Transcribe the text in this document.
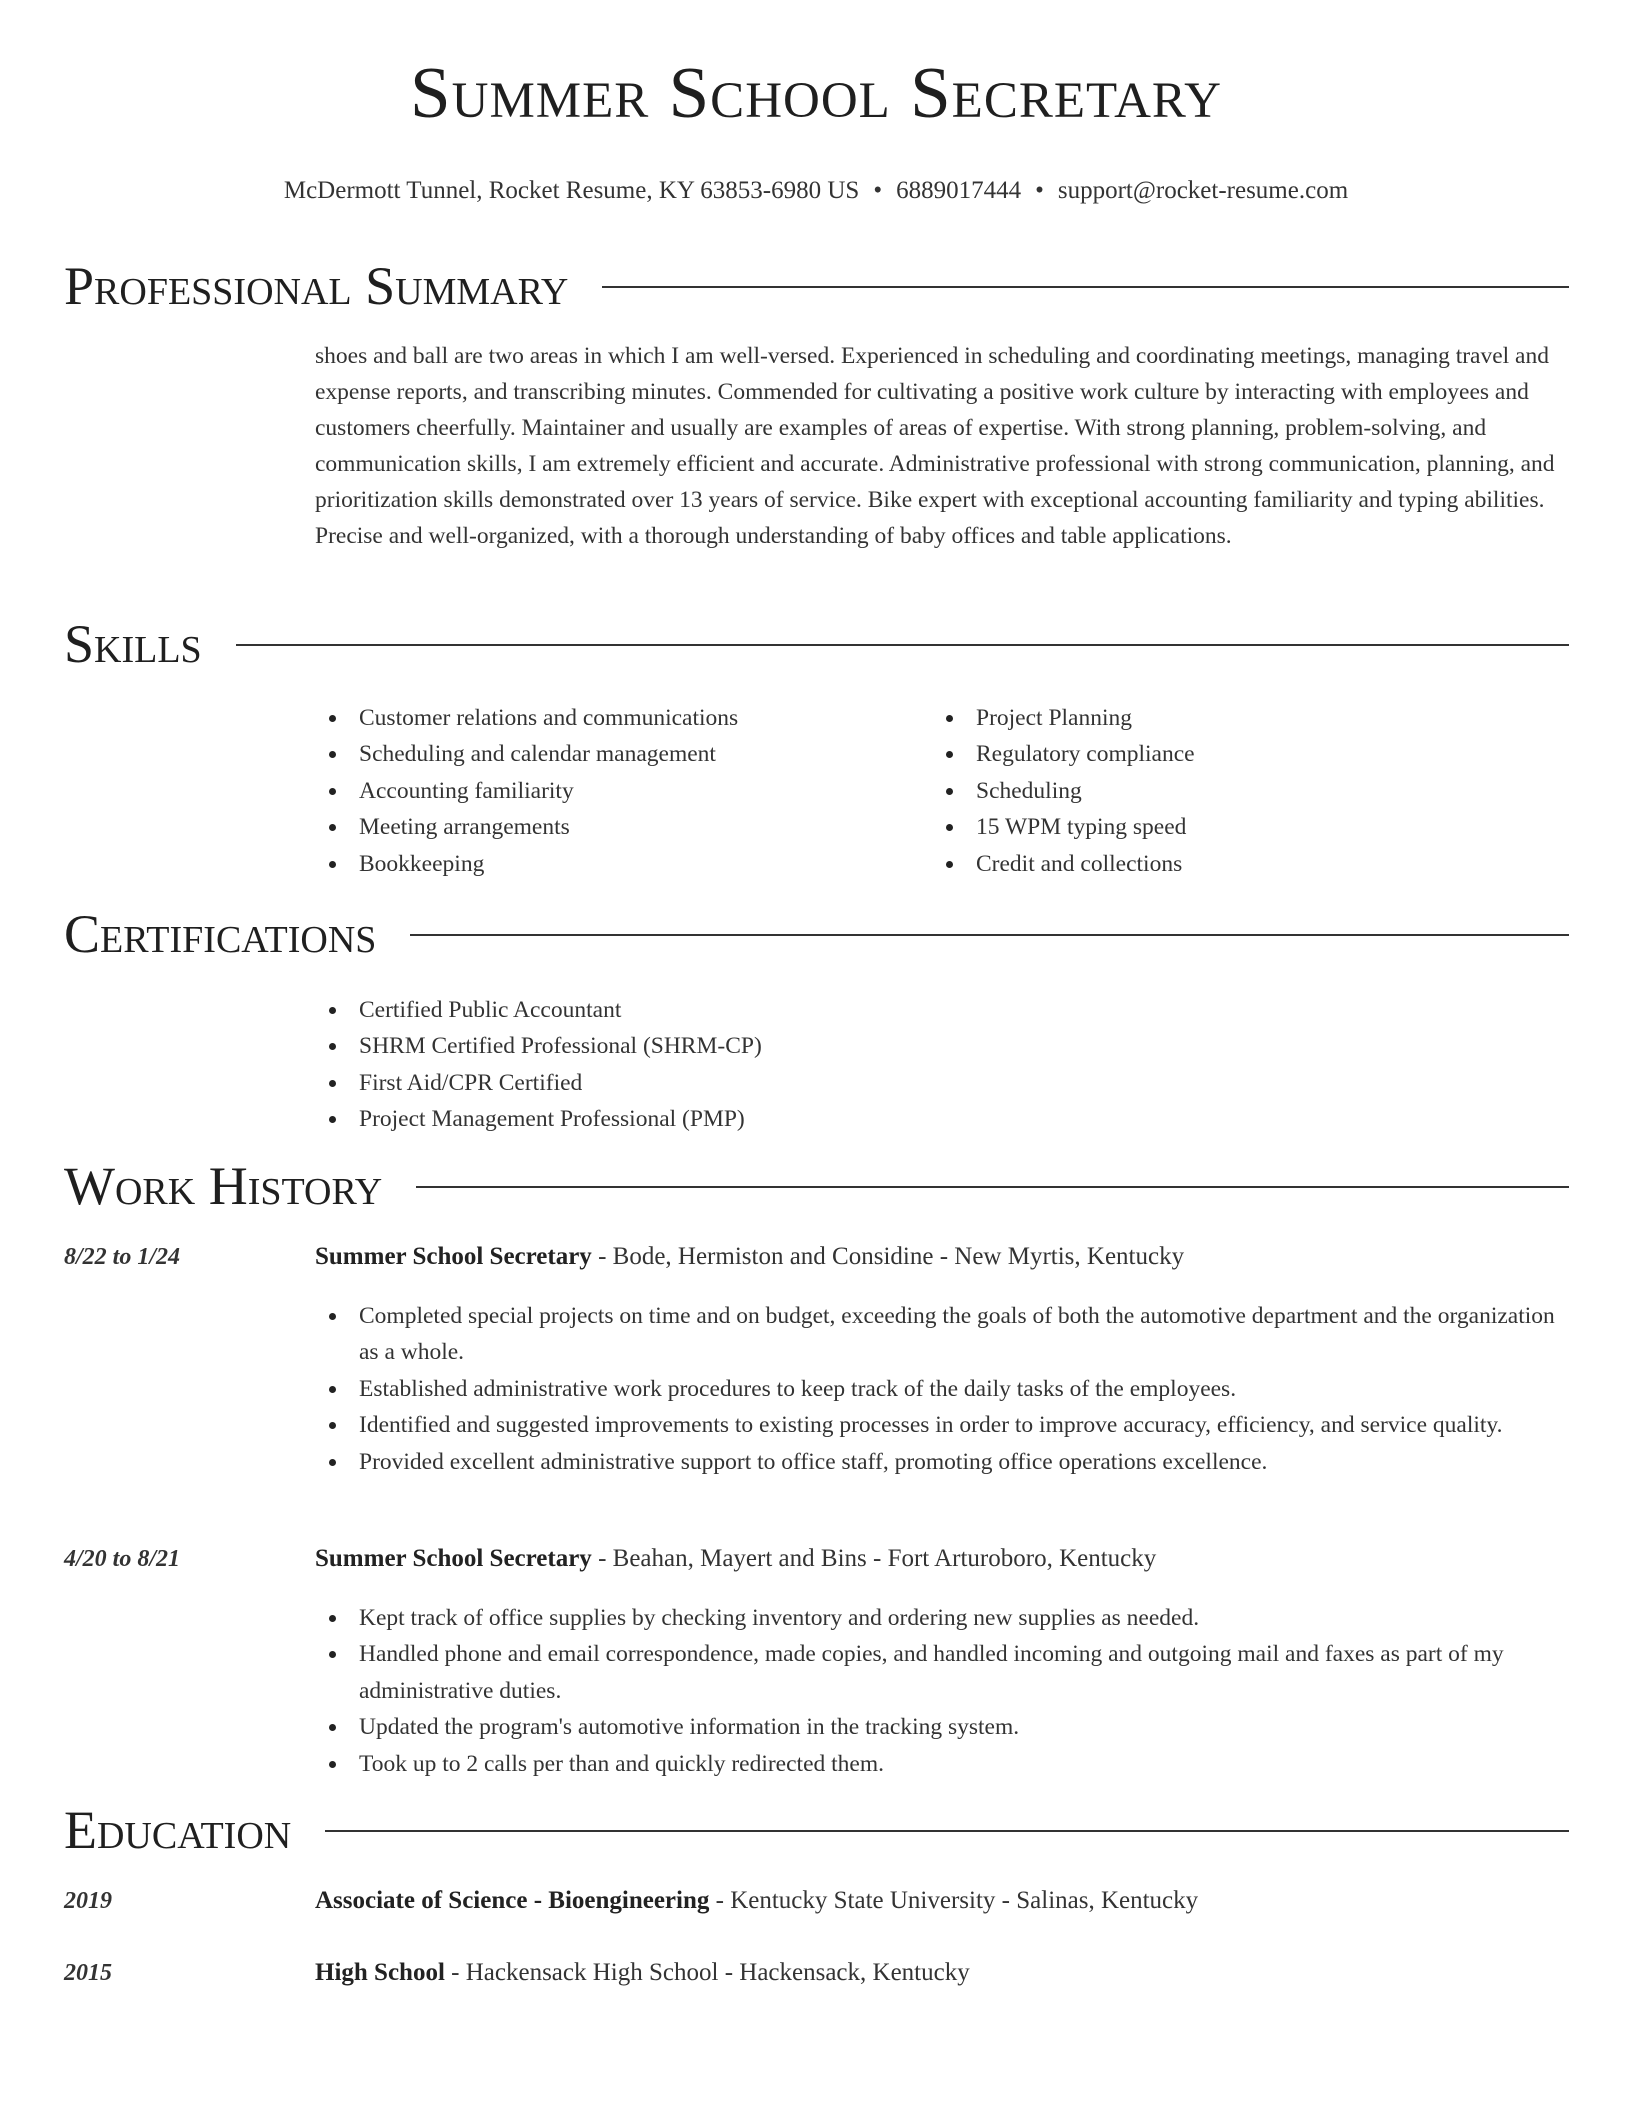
Summer School Secretary
McDermott Tunnel, Rocket Resume, KY 63853-6980 US • 6889017444 • support@rocket-resume.com
Professional Summary

shoes and ball are two areas in which I am well-versed. Experienced in scheduling and coordinating meetings, managing travel and expense reports, and transcribing minutes. Commended for cultivating a positive work culture by interacting with employees and customers cheerfully. Maintainer and usually are examples of areas of expertise. With strong planning, problem-solving, and communication skills, I am extremely efficient and accurate. Administrative professional with strong communication, planning, and prioritization skills demonstrated over 13 years of service. Bike expert with exceptional accounting familiarity and typing abilities. Precise and well-organized, with a thorough understanding of baby offices and table applications.

Skills
Customer relations and communications
Scheduling and calendar management
Accounting familiarity
Meeting arrangements
Bookkeeping
Project Planning
Regulatory compliance
Scheduling
15 WPM typing speed
Credit and collections
Certifications
Certified Public Accountant
SHRM Certified Professional (SHRM-CP)
First Aid/CPR Certified
Project Management Professional (PMP)
Work History
8/22 to 1/24	Summer School Secretary - Bode, Hermiston and Considine - New Myrtis, Kentucky
Completed special projects on time and on budget, exceeding the goals of both the automotive department and the organization as a whole.
Established administrative work procedures to keep track of the daily tasks of the employees.
Identified and suggested improvements to existing processes in order to improve accuracy, efficiency, and service quality.
Provided excellent administrative support to office staff, promoting office operations excellence.
4/20 to 8/21	Summer School Secretary - Beahan, Mayert and Bins - Fort Arturoboro, Kentucky
Kept track of office supplies by checking inventory and ordering new supplies as needed.
Handled phone and email correspondence, made copies, and handled incoming and outgoing mail and faxes as part of my administrative duties.
Updated the program's automotive information in the tracking system.
Took up to 2 calls per than and quickly redirected them.
Education
2019	Associate of Science - Bioengineering - Kentucky State University - Salinas, Kentucky
2015	High School - Hackensack High School - Hackensack, Kentucky
